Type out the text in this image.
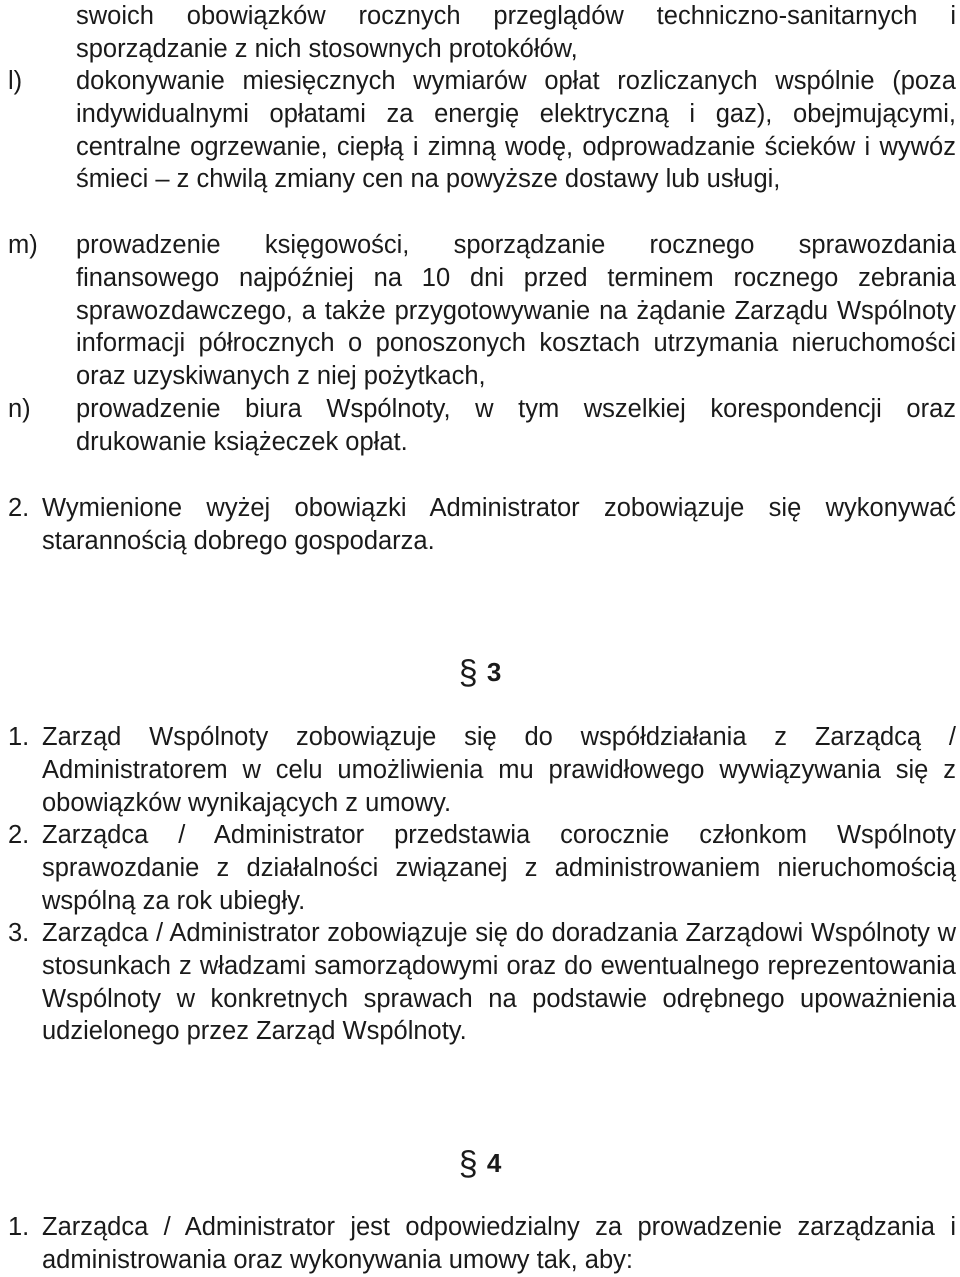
swoich obowiązków rocznych przeglądów techniczno-sanitarnych i sporządzanie z nich stosownych protokółów,
l)	dokonywanie miesięcznych wymiarów opłat rozliczanych wspólnie (poza indywidualnymi opłatami za energię elektryczną i gaz), obejmującymi, centralne ogrzewanie, ciepłą i zimną wodę, odprowadzanie ścieków i wywóz śmieci – z chwilą zmiany cen na powyższe dostawy lub usługi,
m)	prowadzenie księgowości, sporządzanie rocznego sprawozdania finansowego najpóźniej na 10 dni przed terminem rocznego zebrania sprawozdawczego, a także przygotowywanie na żądanie Zarządu Wspólnoty informacji półrocznych o ponoszonych kosztach utrzymania nieruchomości oraz uzyskiwanych z niej pożytkach,
n)	prowadzenie biura Wspólnoty, w tym wszelkiej korespondencji oraz drukowanie książeczek opłat.
2. Wymienione wyżej obowiązki Administrator zobowiązuje się wykonywać starannością dobrego gospodarza.
§ 3
1. Zarząd Wspólnoty zobowiązuje się do współdziałania z Zarządcą / Administratorem w celu umożliwienia mu prawidłowego wywiązywania się z obowiązków wynikających z umowy.
2. Zarządca / Administrator przedstawia corocznie członkom Wspólnoty sprawozdanie z działalności związanej z administrowaniem nieruchomością wspólną za rok ubiegły.
3. Zarządca / Administrator zobowiązuje się do doradzania Zarządowi Wspólnoty w stosunkach z władzami samorządowymi oraz do ewentualnego reprezentowania Wspólnoty w konkretnych sprawach na podstawie odrębnego upoważnienia udzielonego przez Zarząd Wspólnoty.
§ 4
1. Zarządca / Administrator jest odpowiedzialny za prowadzenie zarządzania i administrowania oraz wykonywania umowy tak, aby:
